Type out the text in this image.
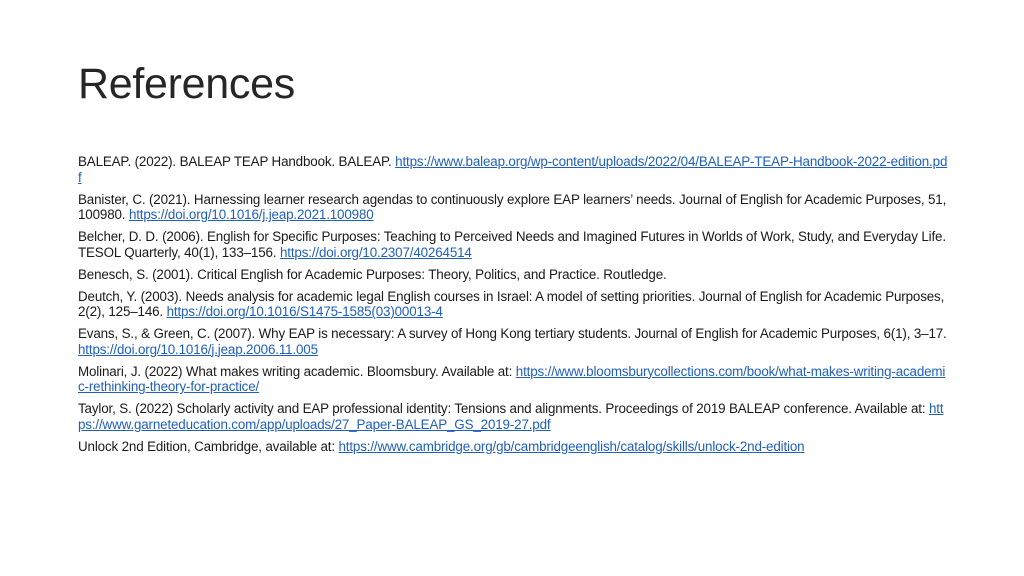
References
BALEAP. (2022). BALEAP TEAP Handbook. BALEAP. https://www.baleap.org/wp-content/uploads/2022/04/BALEAP-TEAP-Handbook-2022-edition.pdf
Banister, C. (2021). Harnessing learner research agendas to continuously explore EAP learners’ needs. Journal of English for Academic Purposes, 51, 100980. https://doi.org/10.1016/j.jeap.2021.100980
Belcher, D. D. (2006). English for Specific Purposes: Teaching to Perceived Needs and Imagined Futures in Worlds of Work, Study, and Everyday Life. TESOL Quarterly, 40(1), 133–156. https://doi.org/10.2307/40264514
Benesch, S. (2001). Critical English for Academic Purposes: Theory, Politics, and Practice. Routledge.
Deutch, Y. (2003). Needs analysis for academic legal English courses in Israel: A model of setting priorities. Journal of English for Academic Purposes, 2(2), 125–146. https://doi.org/10.1016/S1475-1585(03)00013-4
Evans, S., & Green, C. (2007). Why EAP is necessary: A survey of Hong Kong tertiary students. Journal of English for Academic Purposes, 6(1), 3–17. https://doi.org/10.1016/j.jeap.2006.11.005
Molinari, J. (2022) What makes writing academic. Bloomsbury. Available at: https://www.bloomsburycollections.com/book/what-makes-writing-academic-rethinking-theory-for-practice/
Taylor, S. (2022) Scholarly activity and EAP professional identity: Tensions and alignments. Proceedings of 2019 BALEAP conference. Available at: https://www.garneteducation.com/app/uploads/27_Paper-BALEAP_GS_2019-27.pdf
Unlock 2nd Edition, Cambridge, available at: https://www.cambridge.org/gb/cambridgeenglish/catalog/skills/unlock-2nd-edition
